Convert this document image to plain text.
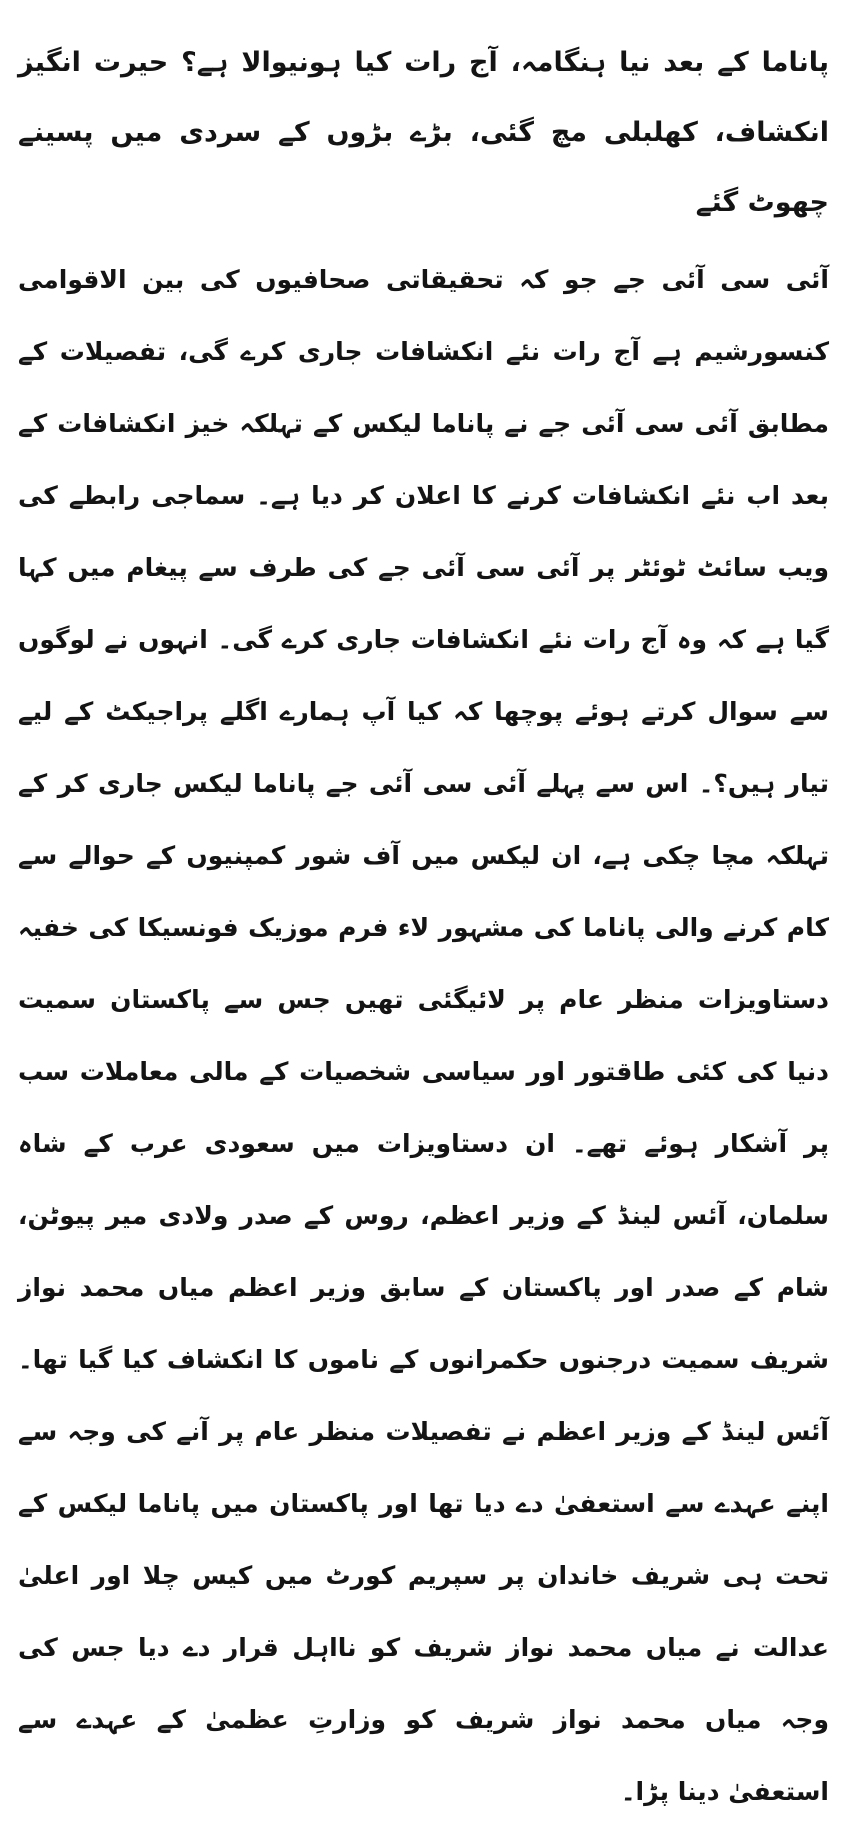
پاناما کے بعد نیا ہنگامہ، آج رات کیا ہونیوالا ہے؟ حیرت انگیز انکشاف، کھلبلی مچ گئی، بڑے بڑوں کے سردی میں پسینے چھوٹ گئے

آئی سی آئی جے جو کہ تحقیقاتی صحافیوں کی بین الاقوامی کنسورشیم ہے آج رات نئے انکشافات جاری کرے گی، تفصیلات کے مطابق آئی سی آئی جے نے پاناما لیکس کے تہلکہ خیز انکشافات کے بعد اب نئے انکشافات کرنے کا اعلان کر دیا ہے۔ سماجی رابطے کی ویب سائٹ ٹوئٹر پر آئی سی آئی جے کی طرف سے پیغام میں کہا گیا ہے کہ وہ آج رات نئے انکشافات جاری کرے گی۔ انہوں نے لوگوں سے سوال کرتے ہوئے پوچھا کہ کیا آپ ہمارے اگلے پراجیکٹ کے لیے تیار ہیں؟۔ اس سے پہلے آئی سی آئی جے پاناما لیکس جاری کر کے تہلکہ مچا چکی ہے، ان لیکس میں آف شور کمپنیوں کے حوالے سے کام کرنے والی پاناما کی مشہور لاء فرم موزیک فونسیکا کی خفیہ دستاویزات منظر عام پر لائیگئی تھیں جس سے پاکستان سمیت دنیا کی کئی طاقتور اور سیاسی شخصیات کے مالی معاملات سب پر آشکار ہوئے تھے۔ ان دستاویزات میں سعودی عرب کے شاہ سلمان، آئس لینڈ کے وزیر اعظم، روس کے صدر ولادی میر پیوٹن، شام کے صدر اور پاکستان کے سابق وزیر اعظم میاں محمد نواز شریف سمیت درجنوں حکمرانوں کے ناموں کا انکشاف کیا گیا تھا۔ آئس لینڈ کے وزیر اعظم نے تفصیلات منظر عام پر آنے کی وجہ سے اپنے عہدے سے استعفیٰ دے دیا تھا اور پاکستان میں پاناما لیکس کے تحت ہی شریف خاندان پر سپریم کورٹ میں کیس چلا اور اعلیٰ عدالت نے میاں محمد نواز شریف کو نااہل قرار دے دیا جس کی وجہ میاں محمد نواز شریف کو وزارتِ عظمیٰ کے عہدے سے استعفیٰ دینا پڑا۔
